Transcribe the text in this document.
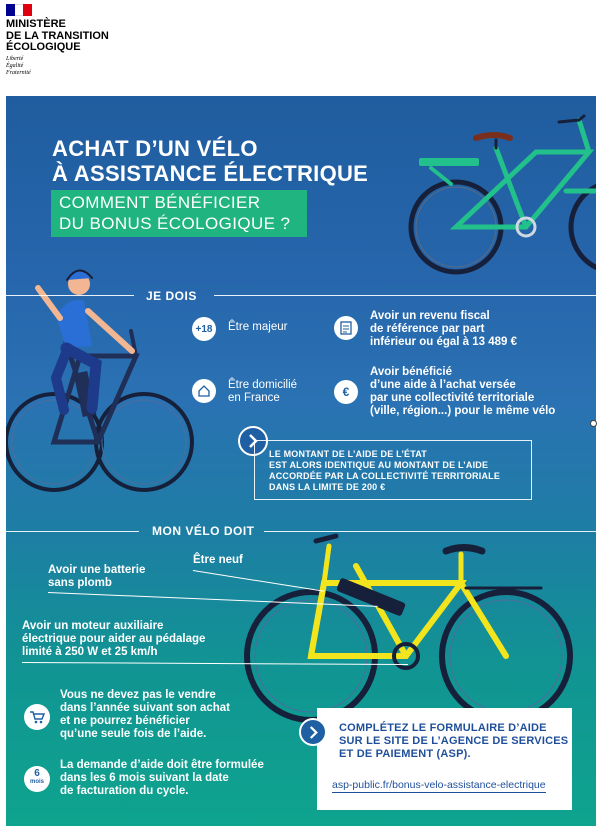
MINISTÈRE
DE LA TRANSITION
ÉCOLOGIQUE
Liberté
Égalité
Fraternité
ACHAT D’UN VÉLO
À ASSISTANCE ÉLECTRIQUE
COMMENT BÉNÉFICIER
DU BONUS ÉCOLOGIQUE ?
JE DOIS
+18	Être majeur
Avoir un revenu fiscal
de référence par part
inférieur ou égal à 13 489 €
Être domicilié
en France	€
Avoir bénéficié
d’une aide à l’achat versée
par une collectivité territoriale
(ville, région...) pour le même vélo
LE MONTANT DE L’AIDE DE L’ÉTAT
EST ALORS IDENTIQUE AU MONTANT DE L’AIDE
ACCORDÉE PAR LA COLLECTIVITÉ TERRITORIALE
DANS LA LIMITE DE 200 €
MON VÉLO DOIT
Être neuf
Avoir une batterie
sans plomb
Avoir un moteur auxiliaire
électrique pour aider au pédalage
limité à 250 W et 25 km/h
Vous ne devez pas le vendre
dans l’année suivant son achat
et ne pourrez bénéficier
qu’une seule fois de l’aide.
6
mois
La demande d’aide doit être formulée
dans les 6 mois suivant la date
de facturation du cycle.
COMPLÉTEZ LE FORMULAIRE D’AIDE
SUR LE SITE DE L’AGENCE DE SERVICES
ET DE PAIEMENT (ASP).
asp-public.fr/bonus-velo-assistance-electrique
